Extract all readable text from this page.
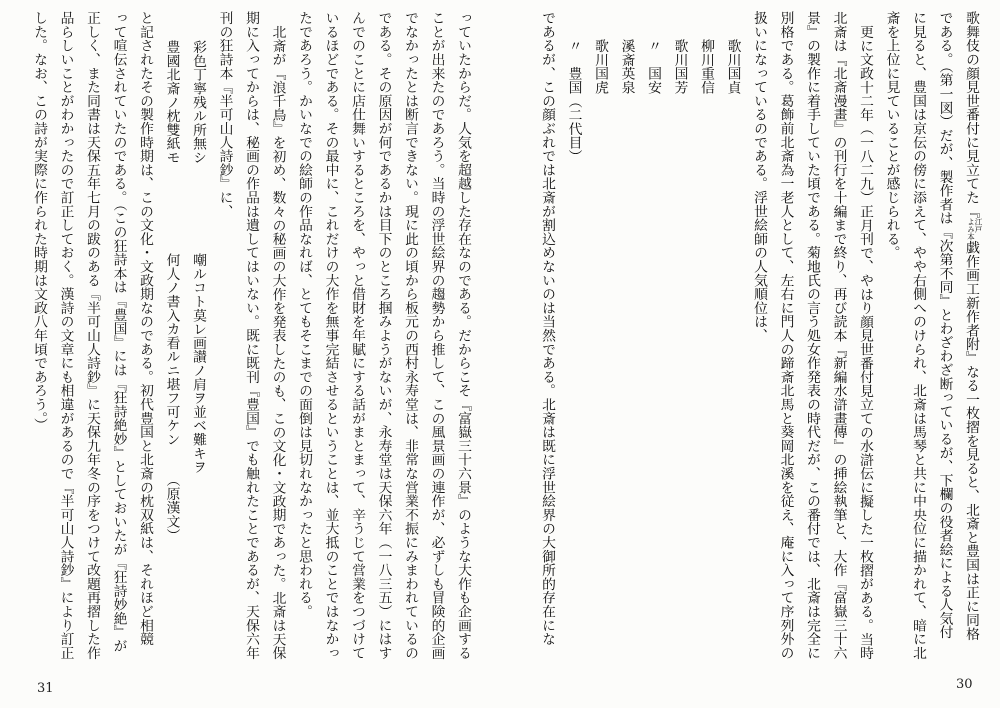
歌舞伎の顔見世番付に見立てた『
江戸
よみ本
戯作画工新作者附』なる一枚摺を見ると、北斎と豊国は正に同格
である。（第一図）だが、製作者は『次第不同』とわざわざ断っているが、下欄の役者絵による人気付
に見ると、豊国は京伝の傍に添えて、やや右側へのけられ、北斎は馬琴と共に中央位に描かれて、暗に北
斎を上位に見ていることが感じられる。
更に文政十二年（一八二九）正月刊で、やはり顔見世番付見立ての水滸伝に擬した一枚摺がある。当時
北斎は『北斎漫畫』の刊行を十編まで終り、再び読本『新編水滸畫傳』の挿絵執筆と、大作『富嶽三十六
景』の製作に着手していた頃である。菊地氏の言う処女作発表の時代だが、この番付では、北斎は完全に
別格である。葛飾前北斎為一老人として、左右に門人の蹄斎北馬と葵岡北溪を従え、庵に入って序列外の
扱いになっているのである。浮世絵師の人気順位は、
歌川国貞
柳川重信
歌川国芳
〃　国安
溪斎英泉
歌川国虎
〃　豊国（二代目）
であるが、この顔ぶれでは北斎が割込めないのは当然である。北斎は既に浮世絵界の大御所的存在にな
っていたからだ。人気を超越した存在なのである。だからこそ『富嶽三十六景』のような大作も企画する
ことが出来たのであろう。当時の浮世絵界の趨勢から推して、この風景画の連作が、必ずしも冒険的企画
でなかったとは断言できない。現に此の頃から板元の西村永寿堂は、非常な営業不振にみまわれているの
である。その原因が何であるかは目下のところ掴みようがないが、永寿堂は天保六年（一八三五）にはす
んでのことに店仕舞いするところを、やっと借財を年賦にする話がまとまって、辛うじて営業をつづけて
いるほどである。その最中に、これだけの大作を無事完結させるということは、並大抵のことではなかっ
たであろう。かいなでの絵師の作品なれば、とてもそこまでの面倒は見切れなかったと思われる。
北斎が『浪千鳥』を初め、数々の秘画の大作を発表したのも、この文化・文政期であった。北斎は天保
期に入ってからは、秘画の作品は遺してはいない。既に既刊『豊国』でも触れたことであるが、天保六年
刊の狂詩本『半可山人詩鈔』に、
彩色丁寧残ル所無シ
嘲ルコト莫レ画讃ノ肩ヲ並ベ難キヲ
豊國北斎ノ枕雙紙モ
何人ノ書入カ看ルニ堪フ可ケン
（原漢文）
と記されたその製作時期は、この文化・文政期なのである。初代豊国と北斎の枕双紙は、それほど相競
って喧伝されていたのである。（この狂詩本は『豊国』には『狂詩絶妙』としておいたが『狂詩妙絶』が
正しく、また同書は天保五年七月の跋のある『半可山人詩鈔』に天保九年冬の序をつけて改題再摺した作
品らしいことがわかったので訂正しておく。漢詩の文章にも相違があるので『半可山人詩鈔』により訂正
した。なお、この詩が実際に作られた時期は文政八年頃であろう。）
31	30
